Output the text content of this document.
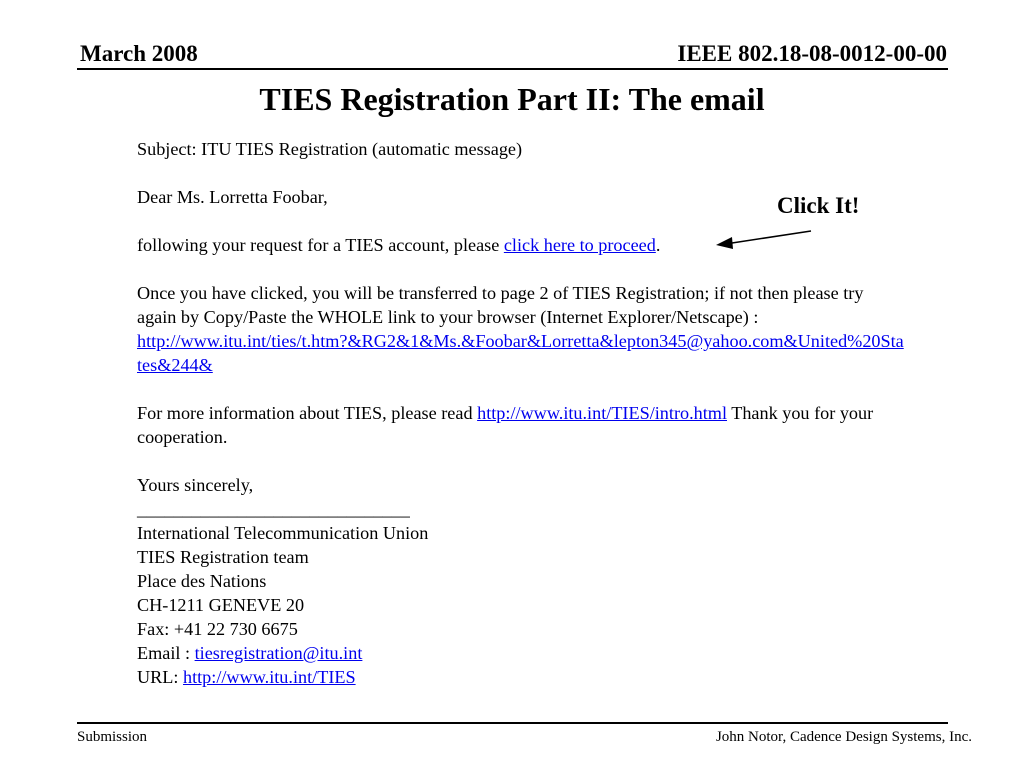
March 2008	IEEE 802.18-08-0012-00-00
TIES Registration Part II: The email

Subject: ITU TIES Registration (automatic message)

Dear Ms. Lorretta Foobar,

following your request for a TIES account, please click here to proceed.

Once you have clicked, you will be transferred to page 2 of TIES Registration; if not then please try again by Copy/Paste the WHOLE link to your browser (Internet Explorer/Netscape) :

http://www.itu.int/ties/t.htm?&RG2&1&Ms.&Foobar&Lorretta&lepton345@yahoo.com&United%20States&244&

For more information about TIES, please read http://www.itu.int/TIES/intro.html Thank you for your cooperation.

Yours sincerely,

______________________________

International Telecommunication Union

TIES Registration team

Place des Nations

CH-1211 GENEVE 20

Fax: +41 22 730 6675

Email : tiesregistration@itu.int

URL: http://www.itu.int/TIES

Click It!
Submission	John Notor, Cadence Design Systems, Inc.
